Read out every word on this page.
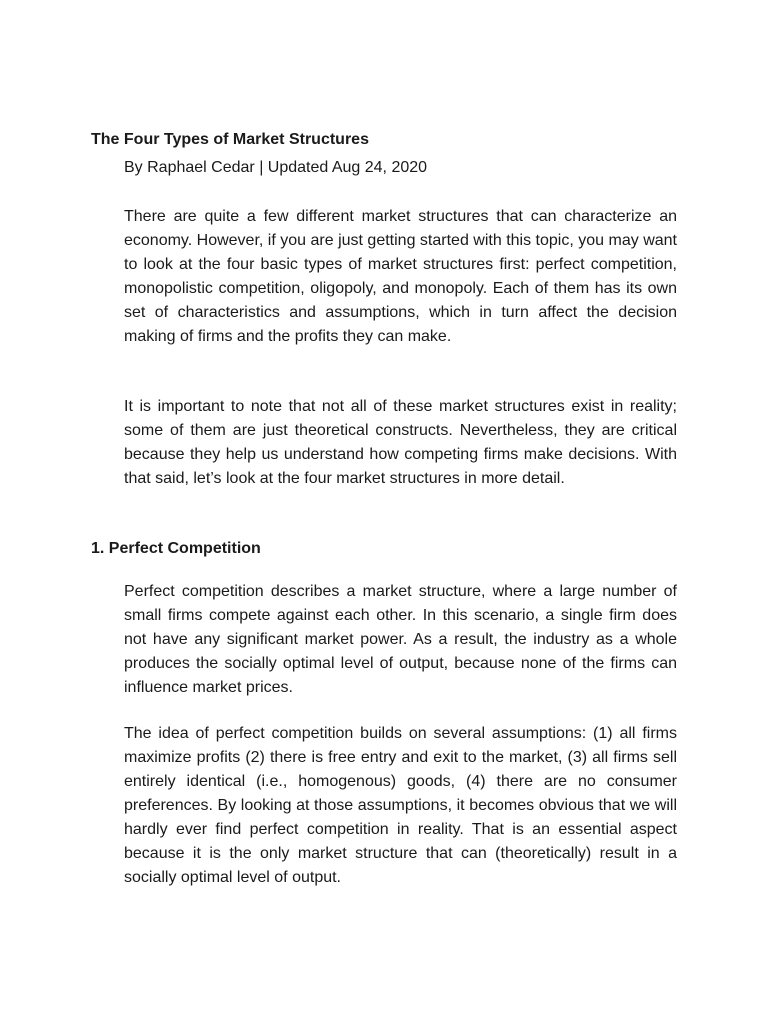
The Four Types of Market Structures

By Raphael Cedar | Updated Aug 24, 2020

There are quite a few different market structures that can characterize an economy. However, if you are just getting started with this topic, you may want to look at the four basic types of market structures first: perfect competition, monopolistic competition, oligopoly, and monopoly. Each of them has its own set of characteristics and assumptions, which in turn affect the decision making of firms and the profits they can make.

It is important to note that not all of these market structures exist in reality; some of them are just theoretical constructs. Nevertheless, they are critical because they help us understand how competing firms make decisions. With that said, let’s look at the four market structures in more detail.

1. Perfect Competition

Perfect competition describes a market structure, where a large number of small firms compete against each other. In this scenario, a single firm does not have any significant market power. As a result, the industry as a whole produces the socially optimal level of output, because none of the firms can influence market prices.

The idea of perfect competition builds on several assumptions: (1) all firms maximize profits (2) there is free entry and exit to the market, (3) all firms sell entirely identical (i.e., homogenous) goods, (4) there are no consumer preferences. By looking at those assumptions, it becomes obvious that we will hardly ever find perfect competition in reality. That is an essential aspect because it is the only market structure that can (theoretically) result in a socially optimal level of output.
